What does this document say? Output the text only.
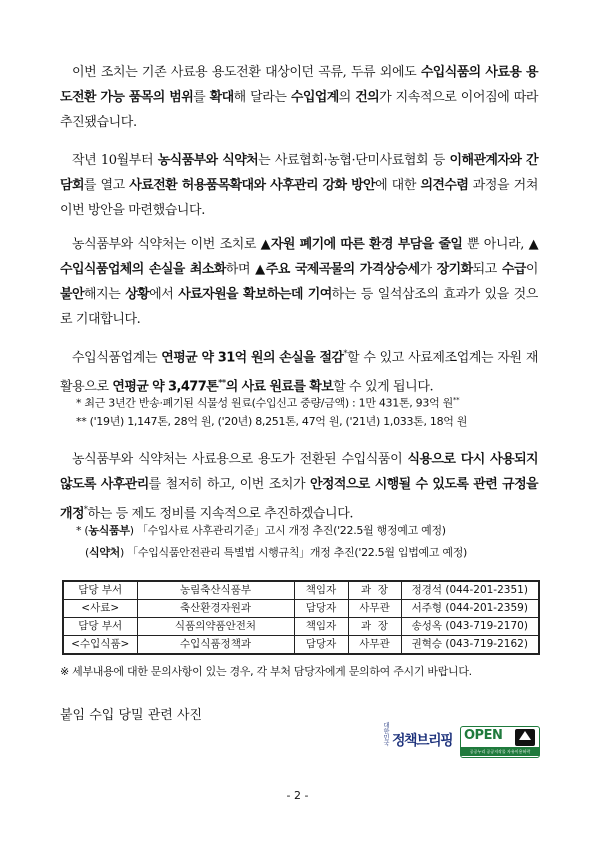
이번 조치는 기존 사료용 용도전환 대상이던 곡류, 두류 외에도 수입식품의 사료용 용도전환 가능 품목의 범위를 확대해 달라는 수입업계의 건의가 지속적으로 이어짐에 따라 추진됐습니다.

작년 10월부터 농식품부와 식약처는 사료협회·농협·단미사료협회 등 이해관계자와 간담회를 열고 사료전환 허용품목확대와 사후관리 강화 방안에 대한 의견수렴 과정을 거쳐 이번 방안을 마련했습니다.

농식품부와 식약처는 이번 조치로 ▲자원 폐기에 따른 환경 부담을 줄일 뿐 아니라, ▲수입식품업체의 손실을 최소화하며 ▲주요 국제곡물의 가격상승세가 장기화되고 수급이 불안해지는 상황에서 사료자원을 확보하는데 기여하는 등 일석삼조의 효과가 있을 것으로 기대합니다.

수입식품업계는 연평균 약 31억 원의 손실을 절감*할 수 있고 사료제조업계는 자원 재활용으로 연평균 약 3,477톤**의 사료 원료를 확보할 수 있게 됩니다.

* 최근 3년간 반송·폐기된 식물성 원료(수입신고 중량/금액) : 1만 431톤, 93억 원**

** ('19년) 1,147톤, 28억 원, ('20년) 8,251톤, 47억 원, ('21년) 1,033톤, 18억 원

농식품부와 식약처는 사료용으로 용도가 전환된 수입식품이 식용으로 다시 사용되지 않도록 사후관리를 철저히 하고, 이번 조치가 안정적으로 시행될 수 있도록 관련 규정을 개정*하는 등 제도 정비를 지속적으로 추진하겠습니다.

* (농식품부) 「수입사료 사후관리기준」고시 개정 추진('22.5월 행정예고 예정)

(식약처) 「수입식품안전관리 특별법 시행규칙」개정 추진('22.5월 입법예고 예정)

담당 부서	농림축산식품부	책임자	과  장	정경석 (044-201-2351)
<사료>	축산환경자원과	담당자	사무관	서주형 (044-201-2359)
담당 부서	식품의약품안전처	책임자	과  장	송성옥 (043-719-2170)
<수입식품>	수입식품정책과	담당자	사무관	권혁승 (043-719-2162)
※ 세부내용에 대한 문의사항이 있는 경우, 각 부처 담당자에게 문의하여 주시기 바랍니다.
붙임 수입 당밀 관련 사진
대한민국 정책브리핑 OPEN
공공누리 공공저작물 자유이용허락
- 2 -
